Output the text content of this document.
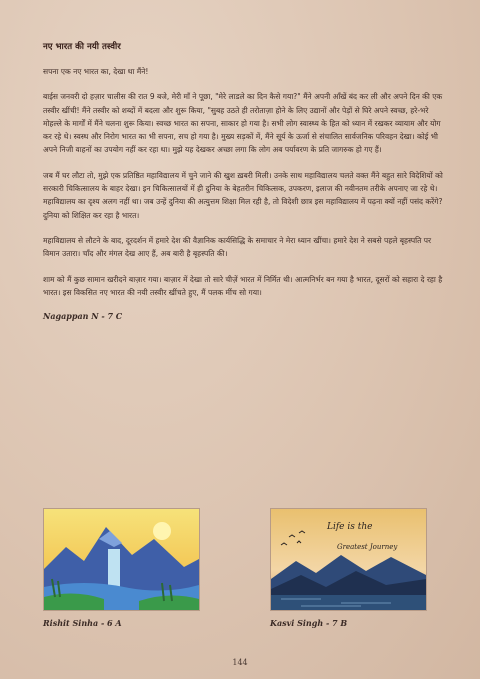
नए भारत की नयी तस्वीर

सपना एक नए भारत का, देखा था मैंने!

बाईस जनवरी दो हज़ार चालीस की रात 9 बजे, मेरी माँ ने पूछा, "मेरे लाडले का दिन कैसे गया?" मैंने अपनी आँखें बंद कर ली और अपने दिन की एक तस्वीर खींची! मैंने तस्वीर को शब्दों में बदला और शुरू किया, "सुबह उठते ही तरोताज़ा होने के लिए उद्यानों और पेड़ों से घिरे अपने स्वच्छ, हरे-भरे मोहल्ले के मार्गों में मैंने चलना शुरू किया। स्वच्छ भारत का सपना, साकार हो गया है। सभी लोग स्वास्थ्य के हित को ध्यान में रखकर व्यायाम और योग कर रहे थे। स्वस्थ और निरोग भारत का भी सपना, सच हो गया है। मुख्य सड़कों में, मैंने सूर्य के ऊर्जा से संचालित सार्वजनिक परिवहन देखा। कोई भी अपने निजी वाहनों का उपयोग नहीं कर रहा था। मुझे यह देखकर अच्छा लगा कि लोग अब पर्यावरण के प्रति जागरुक हो गए हैं।

जब मैं घर लौटा तो, मुझे एक प्रतिष्ठित महाविद्यालय में चुने जाने की खुश ख़बरी मिली। उनके साथ महाविद्यालय चलते वक्त मैंने बहुत सारे विदेशियों को सरकारी चिकित्सालय के बाहर देखा। इन चिकित्सालयों में ही दुनिया के बेहतरीन चिकित्सक, उपकरण, इलाज की नवीनतम तरीके अपनाए जा रहे थे। महाविद्यालय का दृश्य अलग नहीं था। जब उन्हें दुनिया की अत्युत्तम शिक्षा मिल रही है, तो विदेशी छात्र इस महाविद्यालय में पढ़ना क्यों नहीं पसंद करेंगे? दुनिया को शिक्षित कर रहा है भारत।

महाविद्यालय से लौटने के बाद, दूरदर्शन में हमारे देश की वैज्ञानिक कार्यसिद्धि के समाचार ने मेरा ध्यान खींचा। हमारे देश ने सबसे पहले बृहस्पति पर विमान उतारा। चाँद और मंगल देख आए हैं, अब बारी है बृहस्पति की।

शाम को मैं कुछ सामान खरीदने बाज़ार गया। बाज़ार में देखा तो सारे चीज़ें भारत में निर्मित थी। आत्मनिर्भर बन गया है भारत, दूसरों को सहारा दे रहा है भारत। इस विकसित नए भारत की नयी तस्वीर खींचते हुए, मैं पलक मींच सो गया।

Nagappan N - 7 C
Life is the
Greatest Journey
Rishit Sinha - 6 A	Kasvi Singh - 7 B
144
